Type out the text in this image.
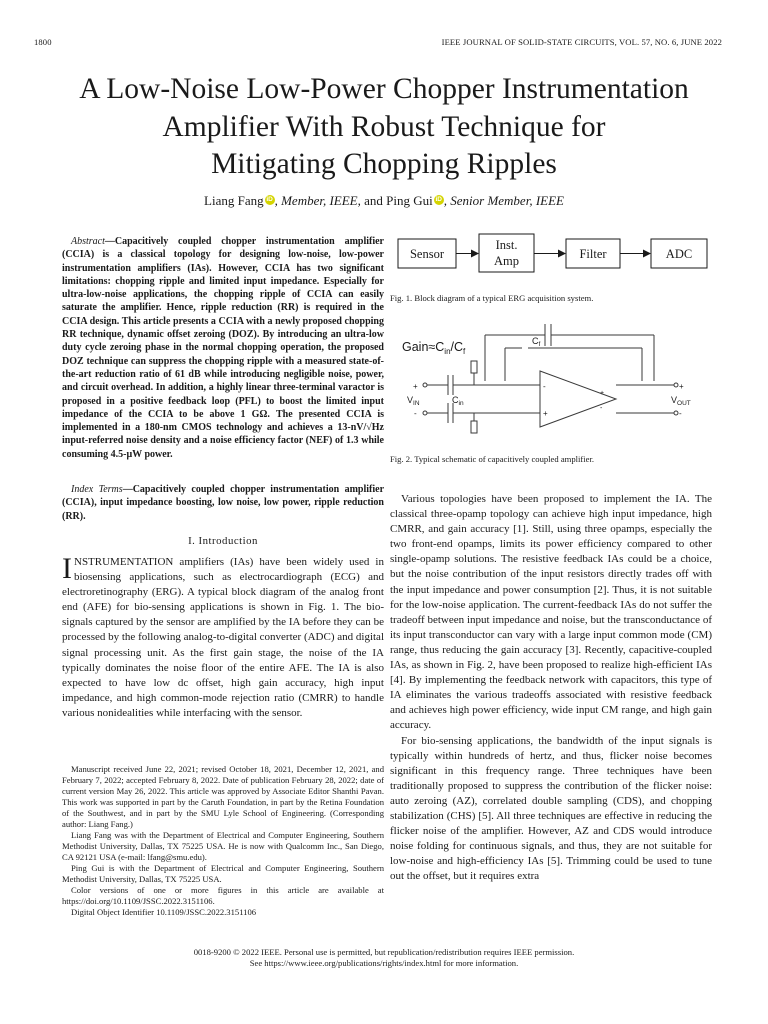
1800	IEEE JOURNAL OF SOLID-STATE CIRCUITS, VOL. 57, NO. 6, JUNE 2022
A Low-Noise Low-Power Chopper Instrumentation
Amplifier With Robust Technique for
Mitigating Chopping Ripples
Liang Fang iD , Member, IEEE, and Ping Gui iD , Senior Member, IEEE

Abstract—Capacitively coupled chopper instrumentation amplifier (CCIA) is a classical topology for designing low-noise, low-power instrumentation amplifiers (IAs). However, CCIA has two significant limitations: chopping ripple and limited input impedance. Especially for ultra-low-noise applications, the chopping ripple of CCIA can easily saturate the amplifier. Hence, ripple reduction (RR) is required in the CCIA design. This article presents a CCIA with a newly proposed chopping RR technique, dynamic offset zeroing (DOZ). By introducing an ultra-low duty cycle zeroing phase in the normal chopping operation, the proposed DOZ technique can suppress the chopping ripple with a measured state-of-the-art reduction ratio of 61 dB while introducing negligible noise, power, and circuit overhead. In addition, a highly linear three-terminal varactor is proposed in a positive feedback loop (PFL) to boost the limited input impedance of the CCIA to be above 1 GΩ. The presented CCIA is implemented in a 180-nm CMOS technology and achieves a 13-nV/√Hz input-referred noise density and a noise efficiency factor (NEF) of 1.3 while consuming 4.5-μW power.

Index Terms—Capacitively coupled chopper instrumentation amplifier (CCIA), input impedance boosting, low noise, low power, ripple reduction (RR).

I. Introduction

INSTRUMENTATION amplifiers (IAs) have been widely used in biosensing applications, such as electrocardiograph (ECG) and electroretinography (ERG). A typical block diagram of the analog front end (AFE) for bio-sensing applications is shown in Fig. 1. The bio-signals captured by the sensor are amplified by the IA before they can be processed by the following analog-to-digital converter (ADC) and digital signal processing unit. As the first gain stage, the noise of the IA typically dominates the noise floor of the entire AFE. The IA is also expected to have low dc offset, high gain accuracy, high input impedance, and high common-mode rejection ratio (CMRR) to handle various nonidealities while interfacing with the sensor.

Manuscript received June 22, 2021; revised October 18, 2021, December 12, 2021, and February 7, 2022; accepted February 8, 2022. Date of publication February 28, 2022; date of current version May 26, 2022. This article was approved by Associate Editor Shanthi Pavan. This work was supported in part by the Caruth Foundation, in part by the Retina Foundation of the Southwest, and in part by the SMU Lyle School of Engineering. (Corresponding author: Liang Fang.)

Liang Fang was with the Department of Electrical and Computer Engineering, Southern Methodist University, Dallas, TX 75225 USA. He is now with Qualcomm Inc., San Diego, CA 92121 USA (e-mail: lfang@smu.edu).

Ping Gui is with the Department of Electrical and Computer Engineering, Southern Methodist University, Dallas, TX 75225 USA.

Color versions of one or more figures in this article are available at https://doi.org/10.1109/JSSC.2022.3151106.

Digital Object Identifier 10.1109/JSSC.2022.3151106

Sensor
Inst.
Amp	Filter	ADC
Fig. 1. Block diagram of a typical ERG acquisition system.
$Gain\approx C_{in}/C_f$
$C_f$
$C_{in}$
$V_{IN}$	$V_{OUT}$
+
-
-
+
+
-
+
-
Fig. 2. Typical schematic of capacitively coupled amplifier.

Various topologies have been proposed to implement the IA. The classical three-opamp topology can achieve high input impedance, high CMRR, and gain accuracy [1]. Still, using three opamps, especially the two front-end opamps, limits its power efficiency compared to other single-opamp solutions. The resistive feedback IAs could be a choice, but the noise contribution of the input resistors directly trades off with the input impedance and power consumption [2]. Thus, it is not suitable for the low-noise application. The current-feedback IAs do not suffer the tradeoff between input impedance and noise, but the transconductance of its input transconductor can vary with a large input common mode (CM) range, thus reducing the gain accuracy [3]. Recently, capacitive-coupled IAs, as shown in Fig. 2, have been proposed to realize high-efficient IAs [4]. By implementing the feedback network with capacitors, this type of IA eliminates the various tradeoffs associated with resistive feedback and achieves high power efficiency, wide input CM range, and high gain accuracy.

For bio-sensing applications, the bandwidth of the input signals is typically within hundreds of hertz, and thus, flicker noise becomes significant in this frequency range. Three techniques have been traditionally proposed to suppress the contribution of the flicker noise: auto zeroing (AZ), correlated double sampling (CDS), and chopping stabilization (CHS) [5]. All three techniques are effective in reducing the flicker noise of the amplifier. However, AZ and CDS would introduce noise folding for continuous signals, and thus, they are not suitable for low-noise and high-efficiency IAs [5]. Trimming could be used to tune out the offset, but it requires extra

0018-9200 © 2022 IEEE. Personal use is permitted, but republication/redistribution requires IEEE permission.
See https://www.ieee.org/publications/rights/index.html for more information.
